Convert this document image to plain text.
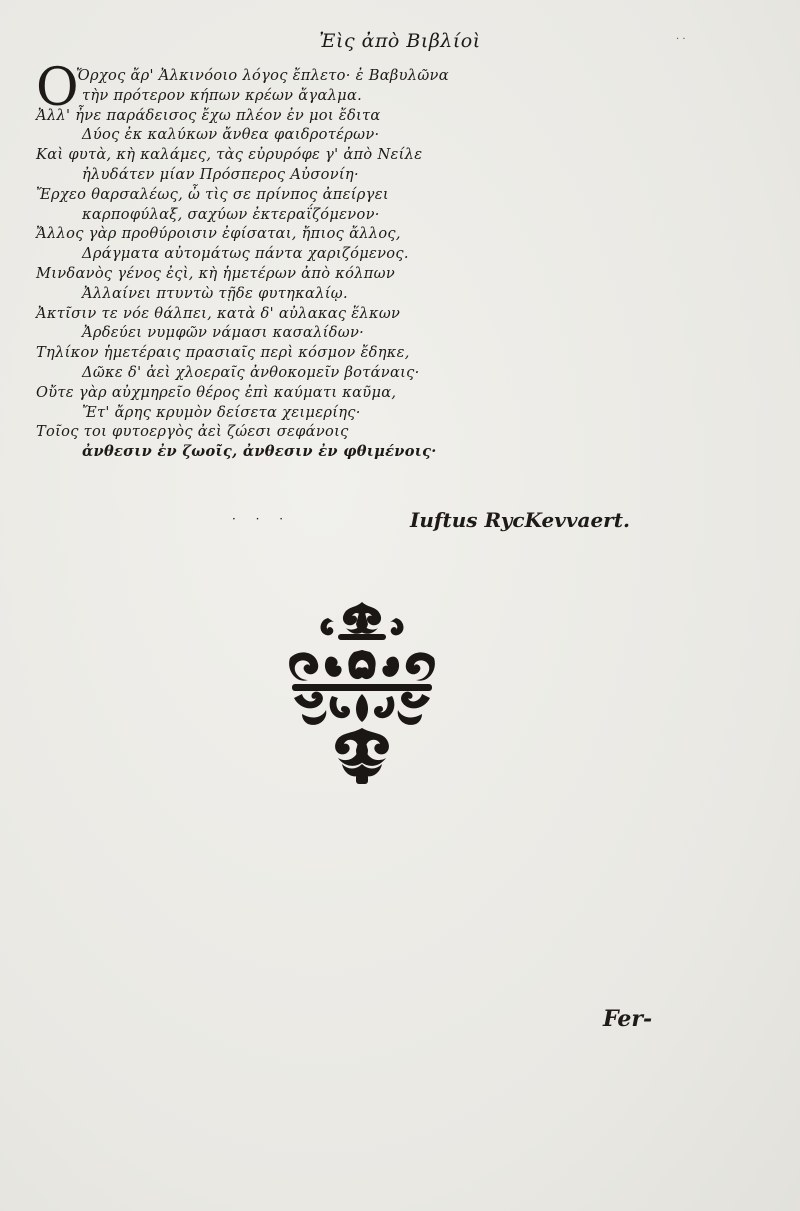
· ·
Ἐὶς ἀπὸ Βιβλίοὶ
O
Ὄρχος ἄρ' Ἀλκινόοιο λόγος ἔπλετο· ἐ Βαβυλῶνα
τὴν πρότερον κήπων κρέων ἄγαλμα.
Ἀλλ' ἦνε παράδεισος ἔχω πλέον ἐν μοι ἔδιτα
Δύος ἐκ καλύκων ἄνθεα φαιδροτέρων·
Καὶ φυτὰ, κὴ καλάμες, τὰς εὐρυρόφε γ' ἀπὸ Νείλε
ἠλυδάτεν μίαν Πρόσπερος Αὐσονίη·
Ἔρχεο θαρσαλέως, ὦ τὶς σε πρίνπος ἀπείργει
καρποφύλαξ, σαχύων ἐκτεραΐζόμενον·
Ἄλλος γὰρ προθύροισιν ἐφίσαται, ἤπιος ἄλλος,
Δράγματα αὐτομάτως πάντα χαριζόμενος.
Μινδανὸς γένος ἐςὶ, κὴ ἡμετέρων ἀπὸ κόλπων
Ἀλλαίνει πτυντὼ τῇδε φυτηκαλίῳ.
Ἀκτῖσιν τε νόε θάλπει, κατὰ δ' αὐλακας ἕλκων
Ἀρδεύει νυμφῶν νάμασι κασαλίδων·
Τηλίκον ἡμετέραις πρασιαῖς περὶ κόσμον ἔδηκε,
Δῶκε δ' ἀεὶ χλοεραῖς ἀνθοκομεῖν βοτάναις·
Οὔτε γὰρ αὐχμηρεῖο θέρος ἐπὶ καύματι καῦμα,
Ἔτ' ἄρης κρυμὸν δείσετα χειμερίης·
Τοῖος τοι φυτοεργὸς ἀεὶ ζώεσι σεφάνοις
ἀνθεσιν ἐν ζωοῖς, ἀνθεσιν ἐν φθιμένοις·
· · ·	Iuftus RycKevvaert.
Fer-
